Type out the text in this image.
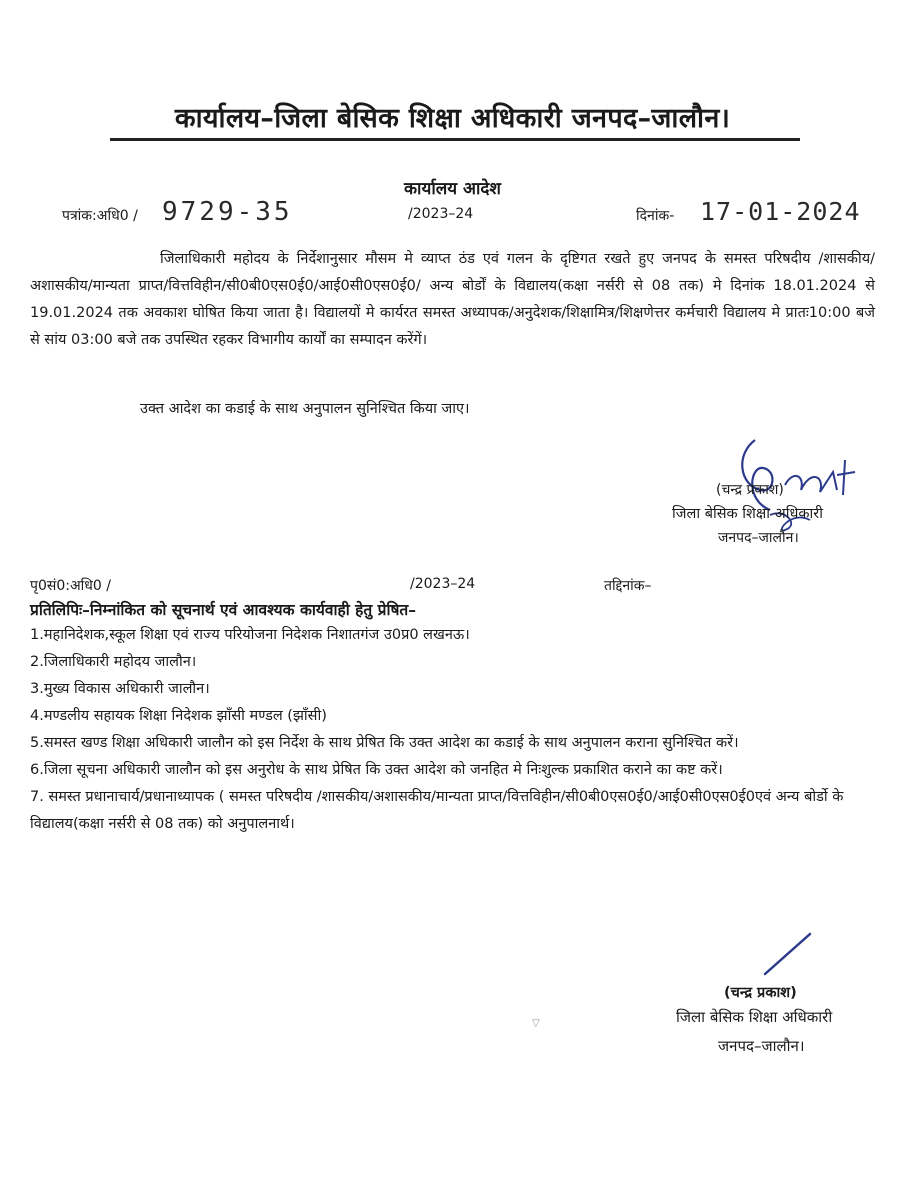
कार्यालय–जिला बेसिक शिक्षा अधिकारी जनपद–जालौन।
कार्यालय आदेश
पत्रांक:अधि0 / 9729-35	/2023–24	दिनांक- 17-01-2024
जिलाधिकारी महोदय के निर्देशानुसार मौसम मे व्याप्त ठंड एवं गलन के दृष्टिगत रखते हुए जनपद के समस्त परिषदीय /शासकीय/अशासकीय/मान्यता प्राप्त/वित्तविहीन/सी0बी0एस0ई0/आई0सी0एस0ई0/ अन्य बोर्डों के विद्यालय(कक्षा नर्सरी से 08 तक) मे दिनांक 18.01.2024 से 19.01.2024 तक अवकाश घोषित किया जाता है। विद्यालयों मे कार्यरत समस्त अध्यापक/अनुदेशक/शिक्षामित्र/शिक्षणेत्तर कर्मचारी विद्यालय मे प्रातः10:00 बजे से सांय 03:00 बजे तक उपस्थित रहकर विभागीय कार्यों का सम्पादन करेंगें।
उक्त आदेश का कडाई के साथ अनुपालन सुनिश्चित किया जाए।
(चन्द्र प्रकाश)
जिला बेसिक शिक्षा अधिकारी
जनपद–जालौन।
पृ0सं0:अधि0 /	/2023–24	तद्दिनांक–
प्रतिलिपिः–निम्नांकित को सूचनार्थ एवं आवश्यक कार्यवाही हेतु प्रेषित–

1.महानिदेशक,स्कूल शिक्षा एवं राज्य परियोजना निदेशक निशातगंज उ0प्र0 लखनऊ।

2.जिलाधिकारी महोदय जालौन।

3.मुख्य विकास अधिकारी जालौन।

4.मण्डलीय सहायक शिक्षा निदेशक झाँसी मण्डल (झाँसी)

5.समस्त खण्ड शिक्षा अधिकारी जालौन को इस निर्देश के साथ प्रेषित कि उक्त आदेश का कडाई के साथ अनुपालन कराना सुनिश्चित करें।

6.जिला सूचना अधिकारी जालौन को इस अनुरोध के साथ प्रेषित कि उक्त आदेश को जनहित मे निःशुल्क प्रकाशित कराने का कष्ट करें।

7. समस्त प्रधानाचार्य/प्रधानाध्यापक ( समस्त परिषदीय /शासकीय/अशासकीय/मान्यता प्राप्त/वित्तविहीन/सी0बी0एस0ई0/आई0सी0एस0ई0एवं अन्य बोर्डो के विद्यालय(कक्षा नर्सरी से 08 तक) को अनुपालनार्थ।

(चन्द्र प्रकाश)
जिला बेसिक शिक्षा अधिकारी
जनपद–जालौन।
▽
